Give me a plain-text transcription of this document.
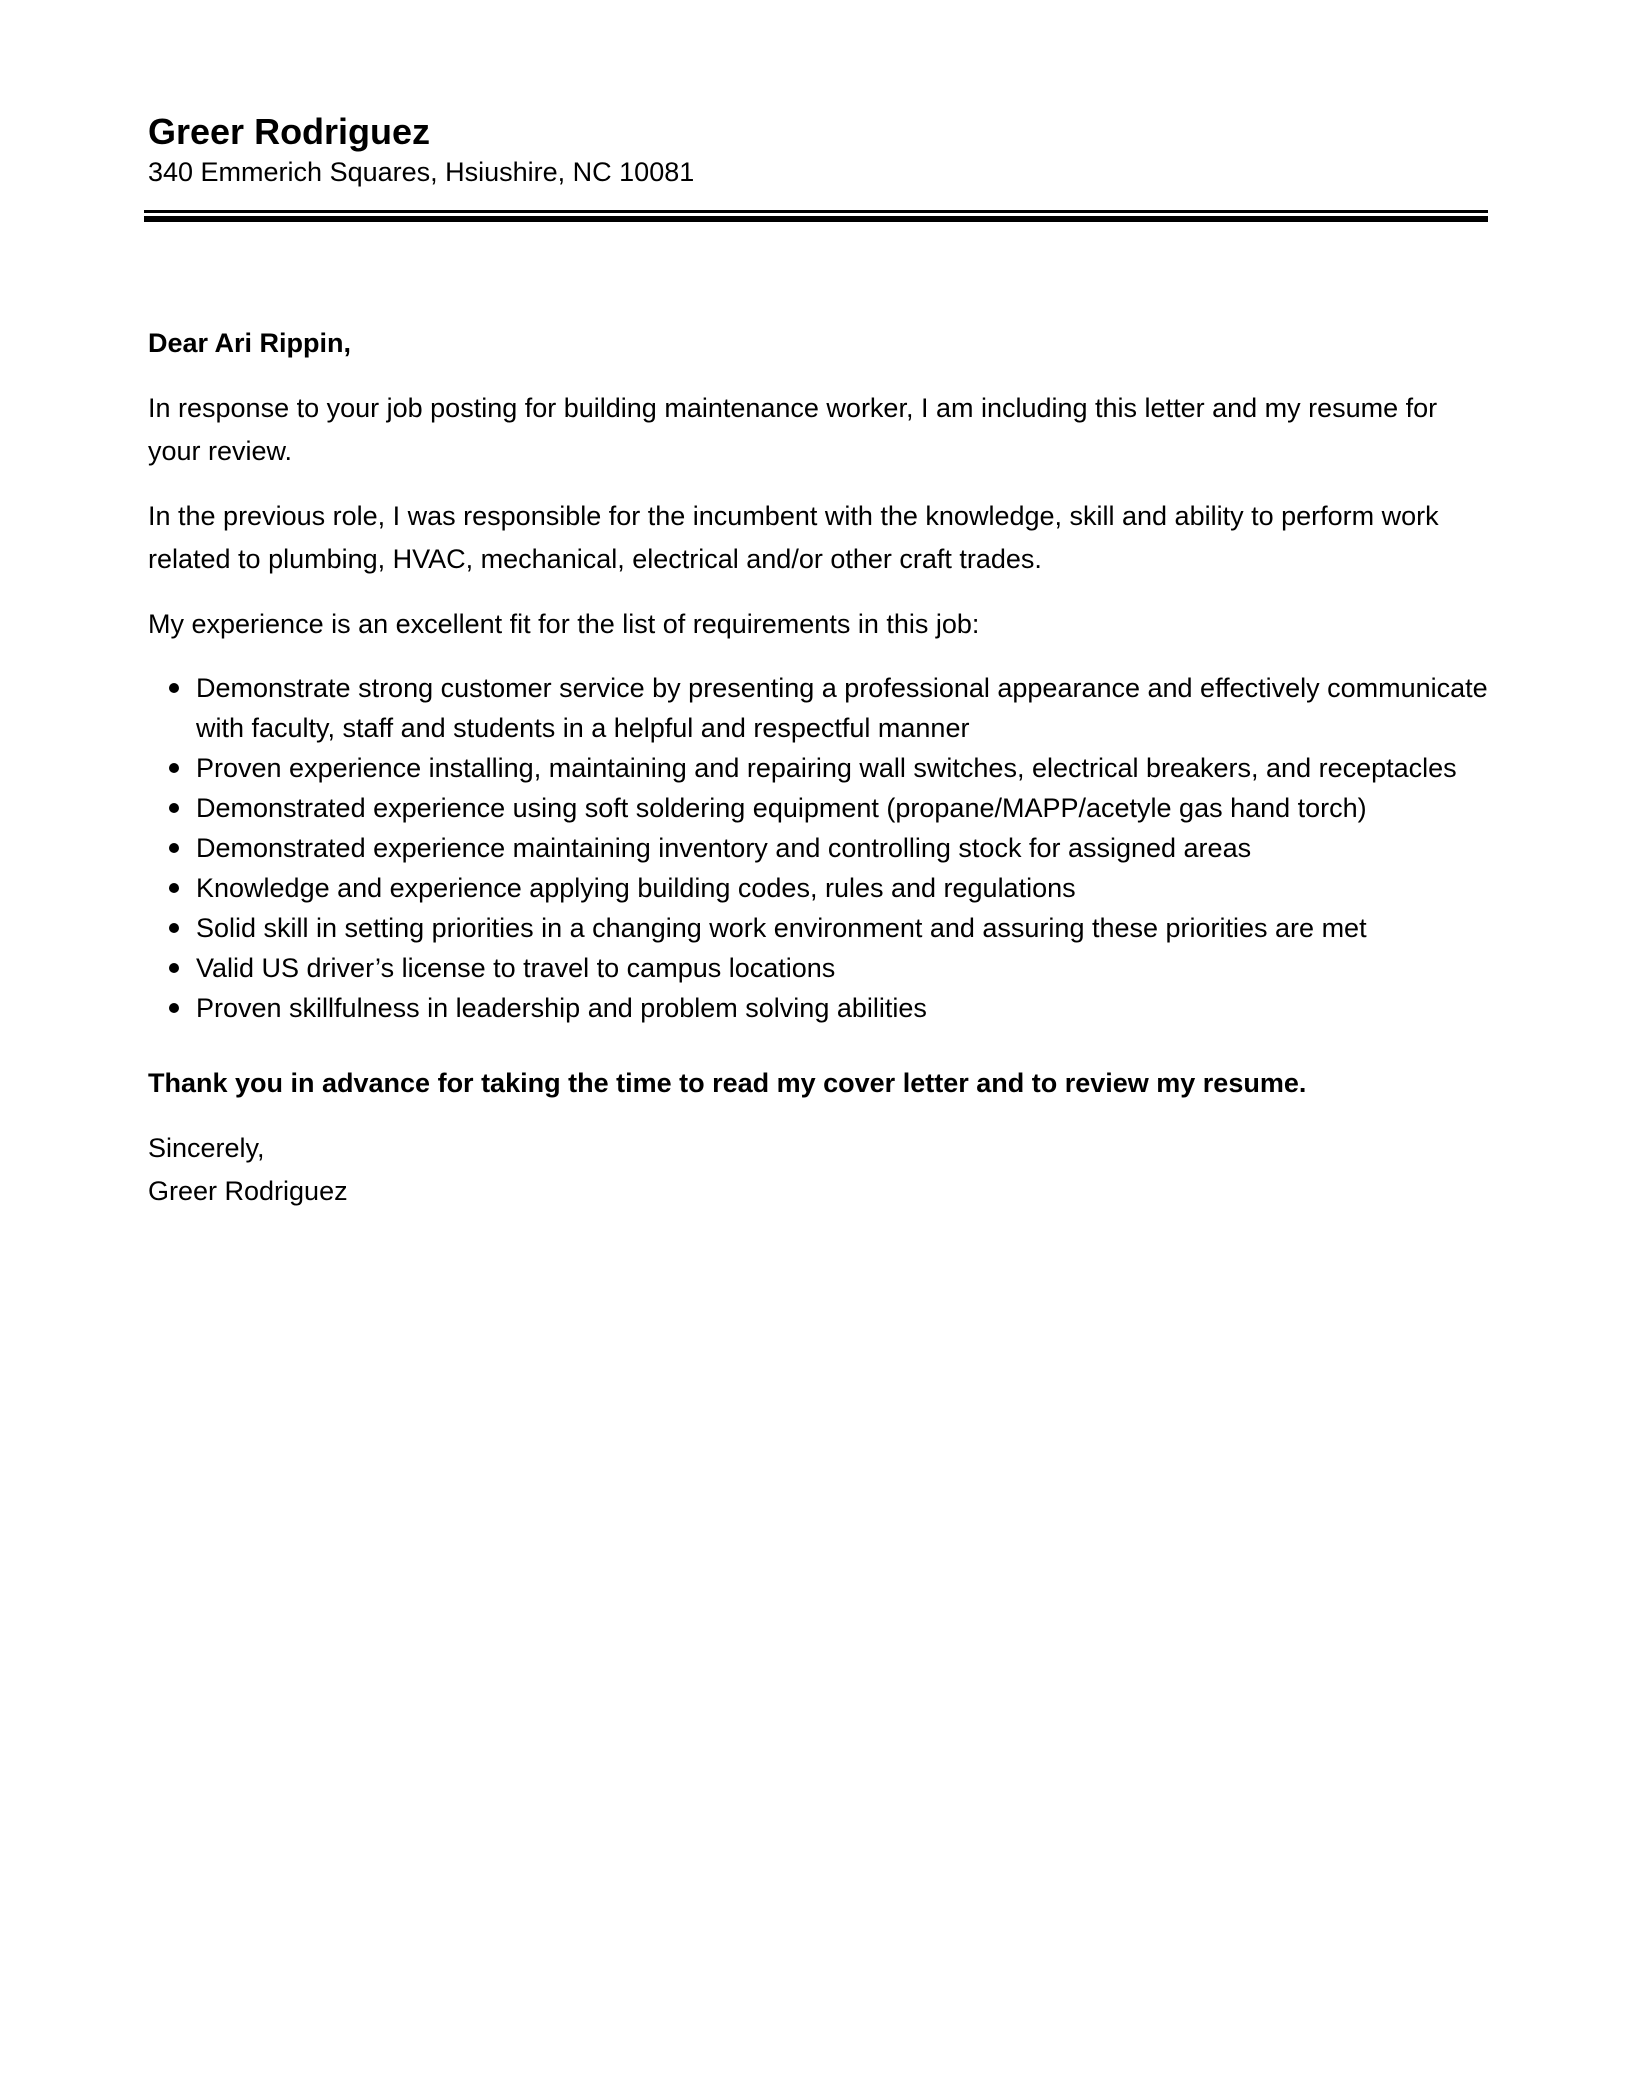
Greer Rodriguez

340 Emmerich Squares, Hsiushire, NC 10081

Dear Ari Rippin,

In response to your job posting for building maintenance worker, I am including this letter and my resume for your review.

In the previous role, I was responsible for the incumbent with the knowledge, skill and ability to perform work related to plumbing, HVAC, mechanical, electrical and/or other craft trades.

My experience is an excellent fit for the list of requirements in this job:

Demonstrate strong customer service by presenting a professional appearance and effectively communicate with faculty, staff and students in a helpful and respectful manner
Proven experience installing, maintaining and repairing wall switches, electrical breakers, and receptacles
Demonstrated experience using soft soldering equipment (propane/MAPP/acetyle gas hand torch)
Demonstrated experience maintaining inventory and controlling stock for assigned areas
Knowledge and experience applying building codes, rules and regulations
Solid skill in setting priorities in a changing work environment and assuring these priorities are met
Valid US driver’s license to travel to campus locations
Proven skillfulness in leadership and problem solving abilities

Thank you in advance for taking the time to read my cover letter and to review my resume.

Sincerely,

Greer Rodriguez
